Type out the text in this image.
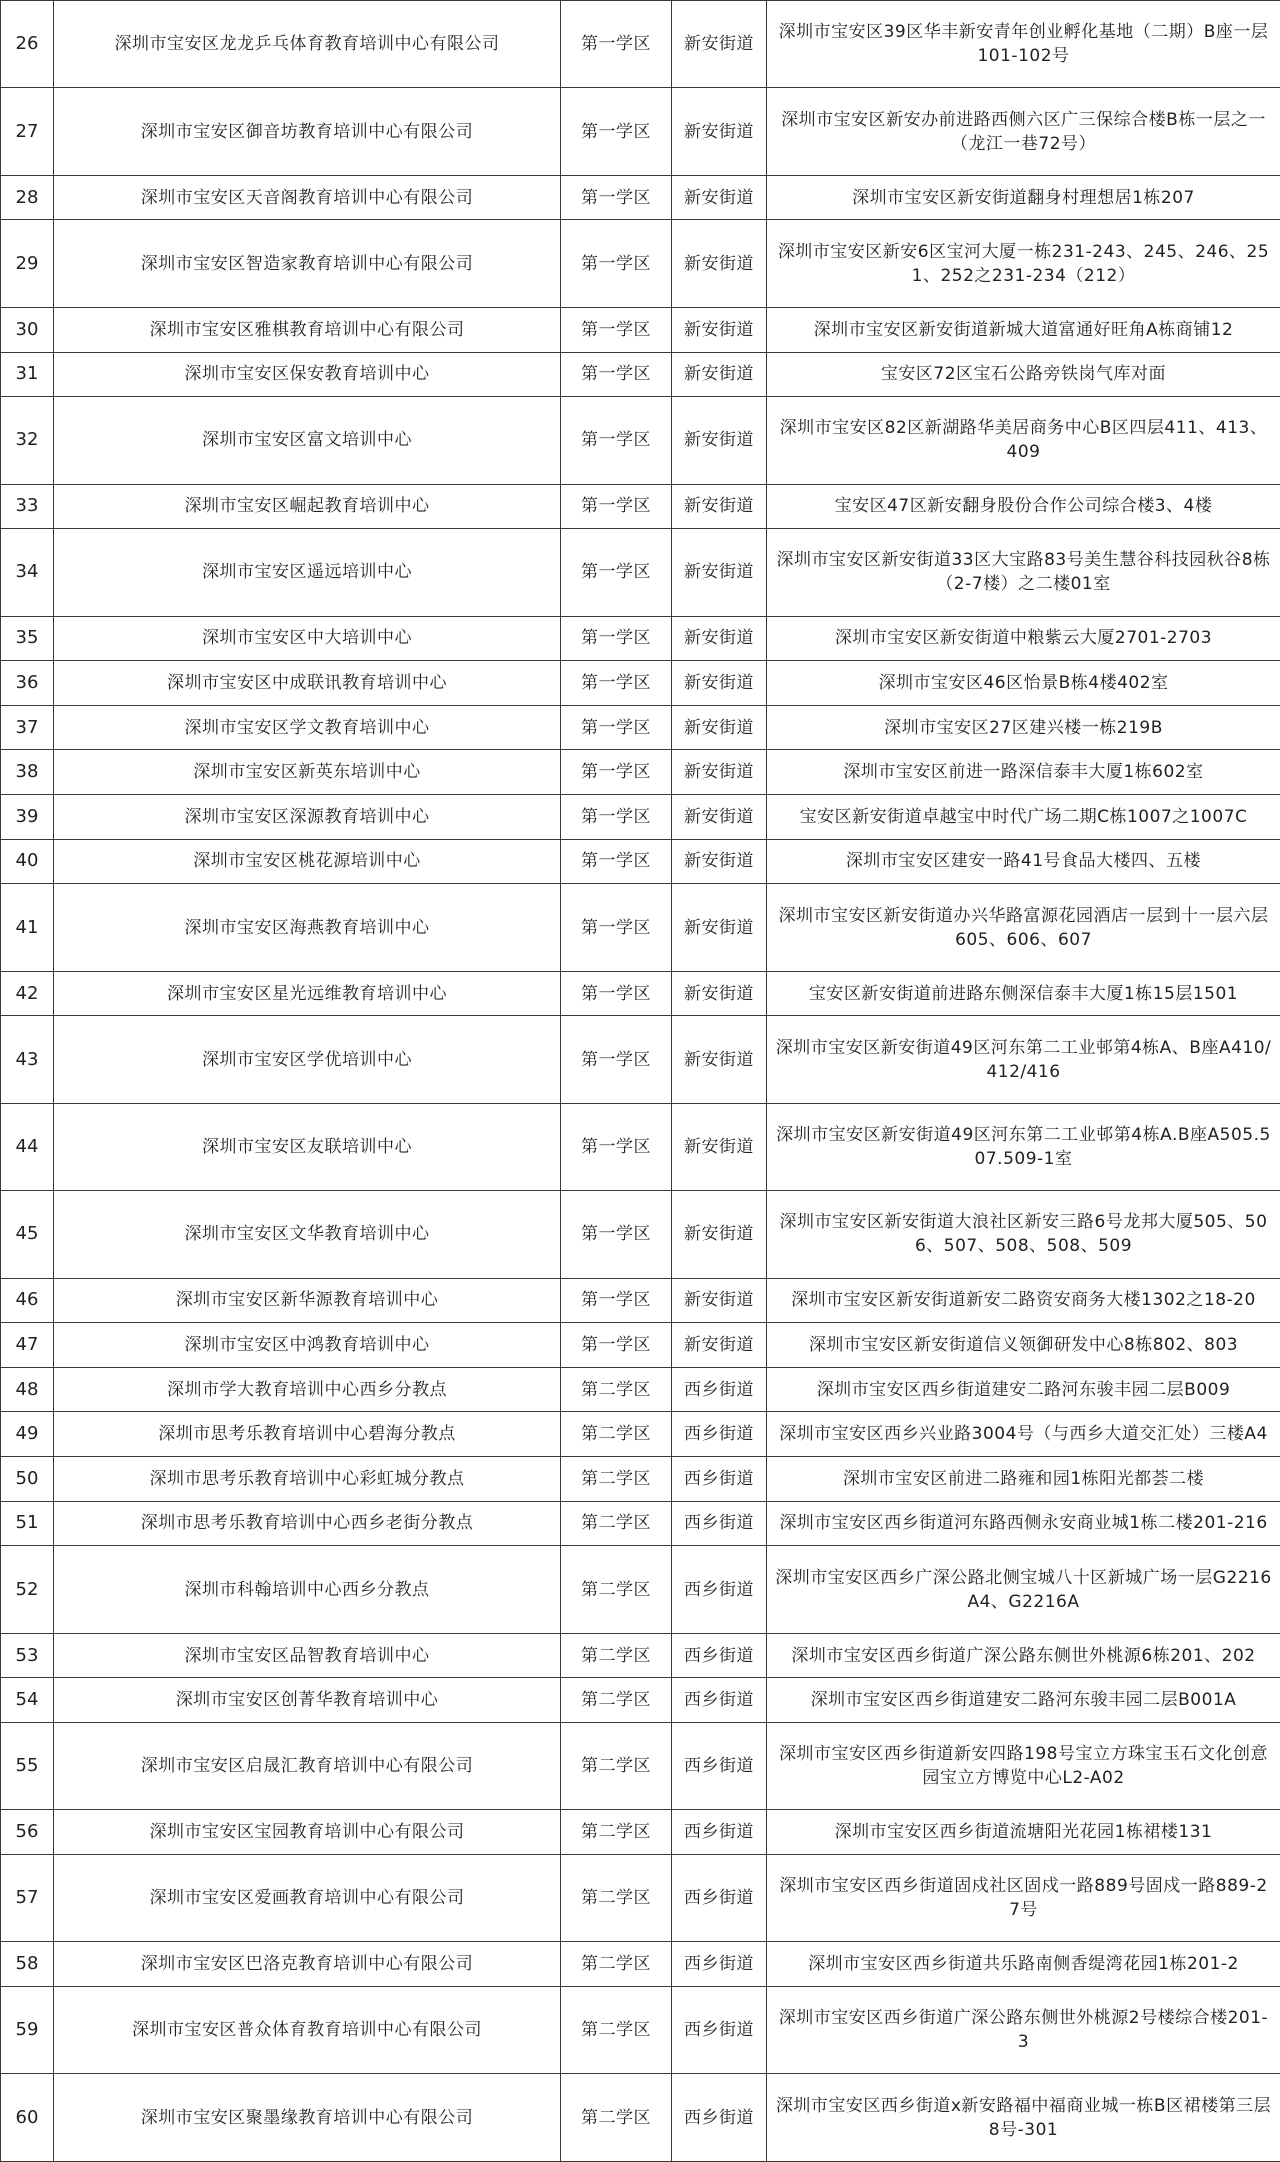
26	深圳市宝安区龙龙乒乓体育教育培训中心有限公司	第一学区	新安街道	深圳市宝安区39区华丰新安青年创业孵化基地（二期）B座一层101-102号
27	深圳市宝安区御音坊教育培训中心有限公司	第一学区	新安街道	深圳市宝安区新安办前进路西侧六区广三保综合楼B栋一层之一（龙江一巷72号）
28	深圳市宝安区天音阁教育培训中心有限公司	第一学区	新安街道	深圳市宝安区新安街道翻身村理想居1栋207
29	深圳市宝安区智造家教育培训中心有限公司	第一学区	新安街道	深圳市宝安区新安6区宝河大厦一栋231-243、245、246、251、252之231-234（212）
30	深圳市宝安区雅棋教育培训中心有限公司	第一学区	新安街道	深圳市宝安区新安街道新城大道富通好旺角A栋商铺12
31	深圳市宝安区保安教育培训中心	第一学区	新安街道	宝安区72区宝石公路旁铁岗气库对面
32	深圳市宝安区富文培训中心	第一学区	新安街道	深圳市宝安区82区新湖路华美居商务中心B区四层411、413、409
33	深圳市宝安区崛起教育培训中心	第一学区	新安街道	宝安区47区新安翻身股份合作公司综合楼3、4楼
34	深圳市宝安区遥远培训中心	第一学区	新安街道	深圳市宝安区新安街道33区大宝路83号美生慧谷科技园秋谷8栋（2-7楼）之二楼01室
35	深圳市宝安区中大培训中心	第一学区	新安街道	深圳市宝安区新安街道中粮紫云大厦2701-2703
36	深圳市宝安区中成联讯教育培训中心	第一学区	新安街道	深圳市宝安区46区怡景B栋4楼402室
37	深圳市宝安区学文教育培训中心	第一学区	新安街道	深圳市宝安区27区建兴楼一栋219B
38	深圳市宝安区新英东培训中心	第一学区	新安街道	深圳市宝安区前进一路深信泰丰大厦1栋602室
39	深圳市宝安区深源教育培训中心	第一学区	新安街道	宝安区新安街道卓越宝中时代广场二期C栋1007之1007C
40	深圳市宝安区桃花源培训中心	第一学区	新安街道	深圳市宝安区建安一路41号食品大楼四、五楼
41	深圳市宝安区海燕教育培训中心	第一学区	新安街道	深圳市宝安区新安街道办兴华路富源花园酒店一层到十一层六层605、606、607
42	深圳市宝安区星光远维教育培训中心	第一学区	新安街道	宝安区新安街道前进路东侧深信泰丰大厦1栋15层1501
43	深圳市宝安区学优培训中心	第一学区	新安街道	深圳市宝安区新安街道49区河东第二工业邨第4栋A、B座A410/412/416
44	深圳市宝安区友联培训中心	第一学区	新安街道	深圳市宝安区新安街道49区河东第二工业邨第4栋A.B座A505.507.509-1室
45	深圳市宝安区文华教育培训中心	第一学区	新安街道	深圳市宝安区新安街道大浪社区新安三路6号龙邦大厦505、506、507、508、508、509
46	深圳市宝安区新华源教育培训中心	第一学区	新安街道	深圳市宝安区新安街道新安二路资安商务大楼1302之18-20
47	深圳市宝安区中鸿教育培训中心	第一学区	新安街道	深圳市宝安区新安街道信义领御研发中心8栋802、803
48	深圳市学大教育培训中心西乡分教点	第二学区	西乡街道	深圳市宝安区西乡街道建安二路河东骏丰园二层B009
49	深圳市思考乐教育培训中心碧海分教点	第二学区	西乡街道	深圳市宝安区西乡兴业路3004号（与西乡大道交汇处）三楼A4
50	深圳市思考乐教育培训中心彩虹城分教点	第二学区	西乡街道	深圳市宝安区前进二路雍和园1栋阳光都荟二楼
51	深圳市思考乐教育培训中心西乡老街分教点	第二学区	西乡街道	深圳市宝安区西乡街道河东路西侧永安商业城1栋二楼201-216
52	深圳市科翰培训中心西乡分教点	第二学区	西乡街道	深圳市宝安区西乡广深公路北侧宝城八十区新城广场一层G2216A4、G2216A
53	深圳市宝安区品智教育培训中心	第二学区	西乡街道	深圳市宝安区西乡街道广深公路东侧世外桃源6栋201、202
54	深圳市宝安区创菁华教育培训中心	第二学区	西乡街道	深圳市宝安区西乡街道建安二路河东骏丰园二层B001A
55	深圳市宝安区启晟汇教育培训中心有限公司	第二学区	西乡街道	深圳市宝安区西乡街道新安四路198号宝立方珠宝玉石文化创意园宝立方博览中心L2-A02
56	深圳市宝安区宝园教育培训中心有限公司	第二学区	西乡街道	深圳市宝安区西乡街道流塘阳光花园1栋裙楼131
57	深圳市宝安区爱画教育培训中心有限公司	第二学区	西乡街道	深圳市宝安区西乡街道固戍社区固戍一路889号固戍一路889-27号
58	深圳市宝安区巴洛克教育培训中心有限公司	第二学区	西乡街道	深圳市宝安区西乡街道共乐路南侧香缇湾花园1栋201-2
59	深圳市宝安区普众体育教育培训中心有限公司	第二学区	西乡街道	深圳市宝安区西乡街道广深公路东侧世外桃源2号楼综合楼201-3
60	深圳市宝安区聚墨缘教育培训中心有限公司	第二学区	西乡街道	深圳市宝安区西乡街道x新安路福中福商业城一栋B区裙楼第三层8号-301
